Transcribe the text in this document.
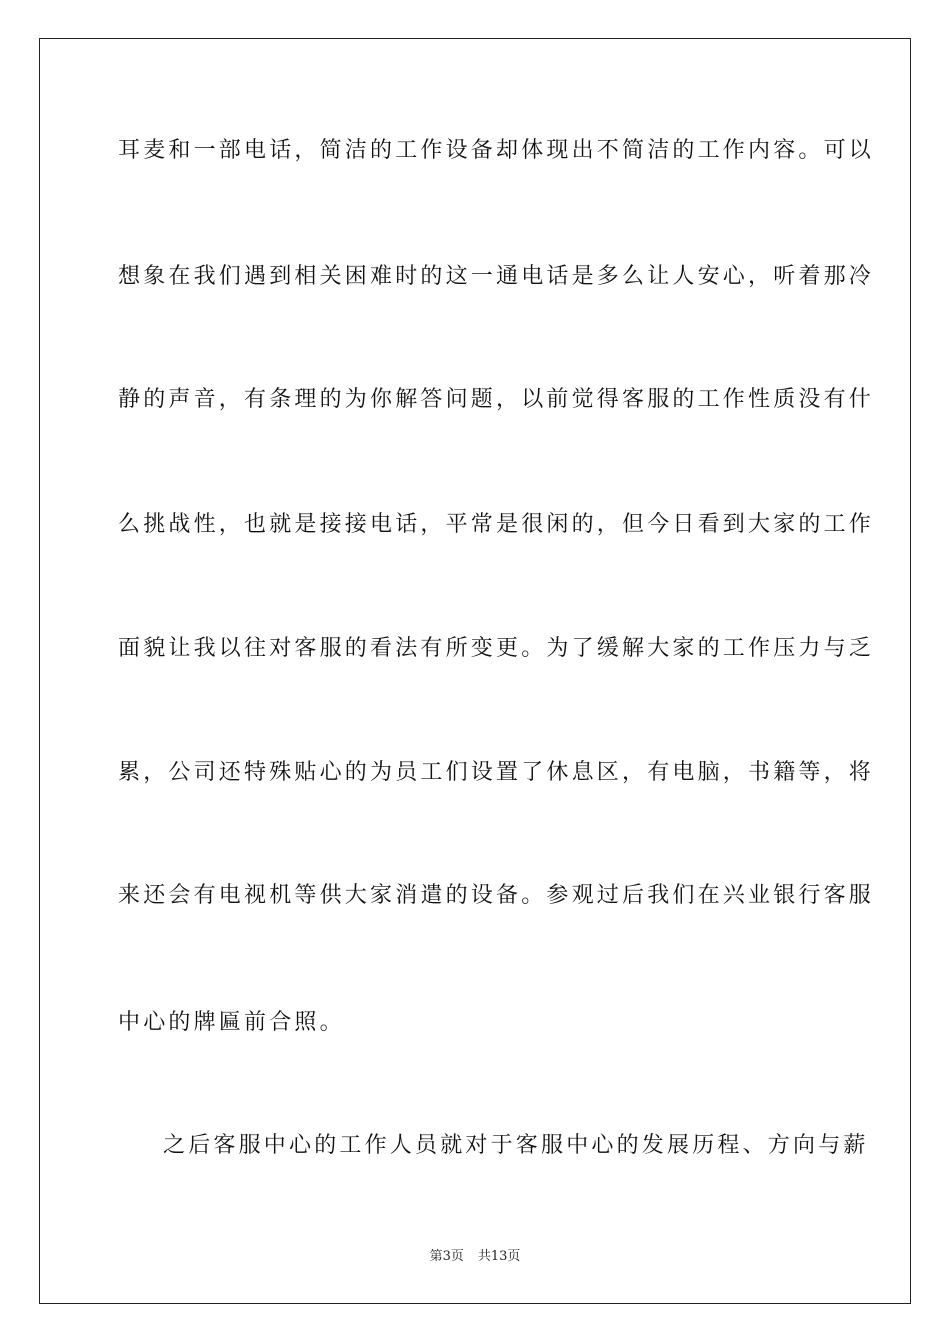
耳麦和一部电话，简洁的工作设备却体现出不简洁的工作内容。可以
想象在我们遇到相关困难时的这一通电话是多么让人安心，听着那冷
静的声音，有条理的为你解答问题，以前觉得客服的工作性质没有什
么挑战性，也就是接接电话，平常是很闲的，但今日看到大家的工作
面貌让我以往对客服的看法有所变更。为了缓解大家的工作压力与乏
累，公司还特殊贴心的为员工们设置了休息区，有电脑，书籍等，将
来还会有电视机等供大家消遣的设备。参观过后我们在兴业银行客服
中心的牌匾前合照。
之后客服中心的工作人员就对于客服中心的发展历程、方向与薪
第3页 共13页
